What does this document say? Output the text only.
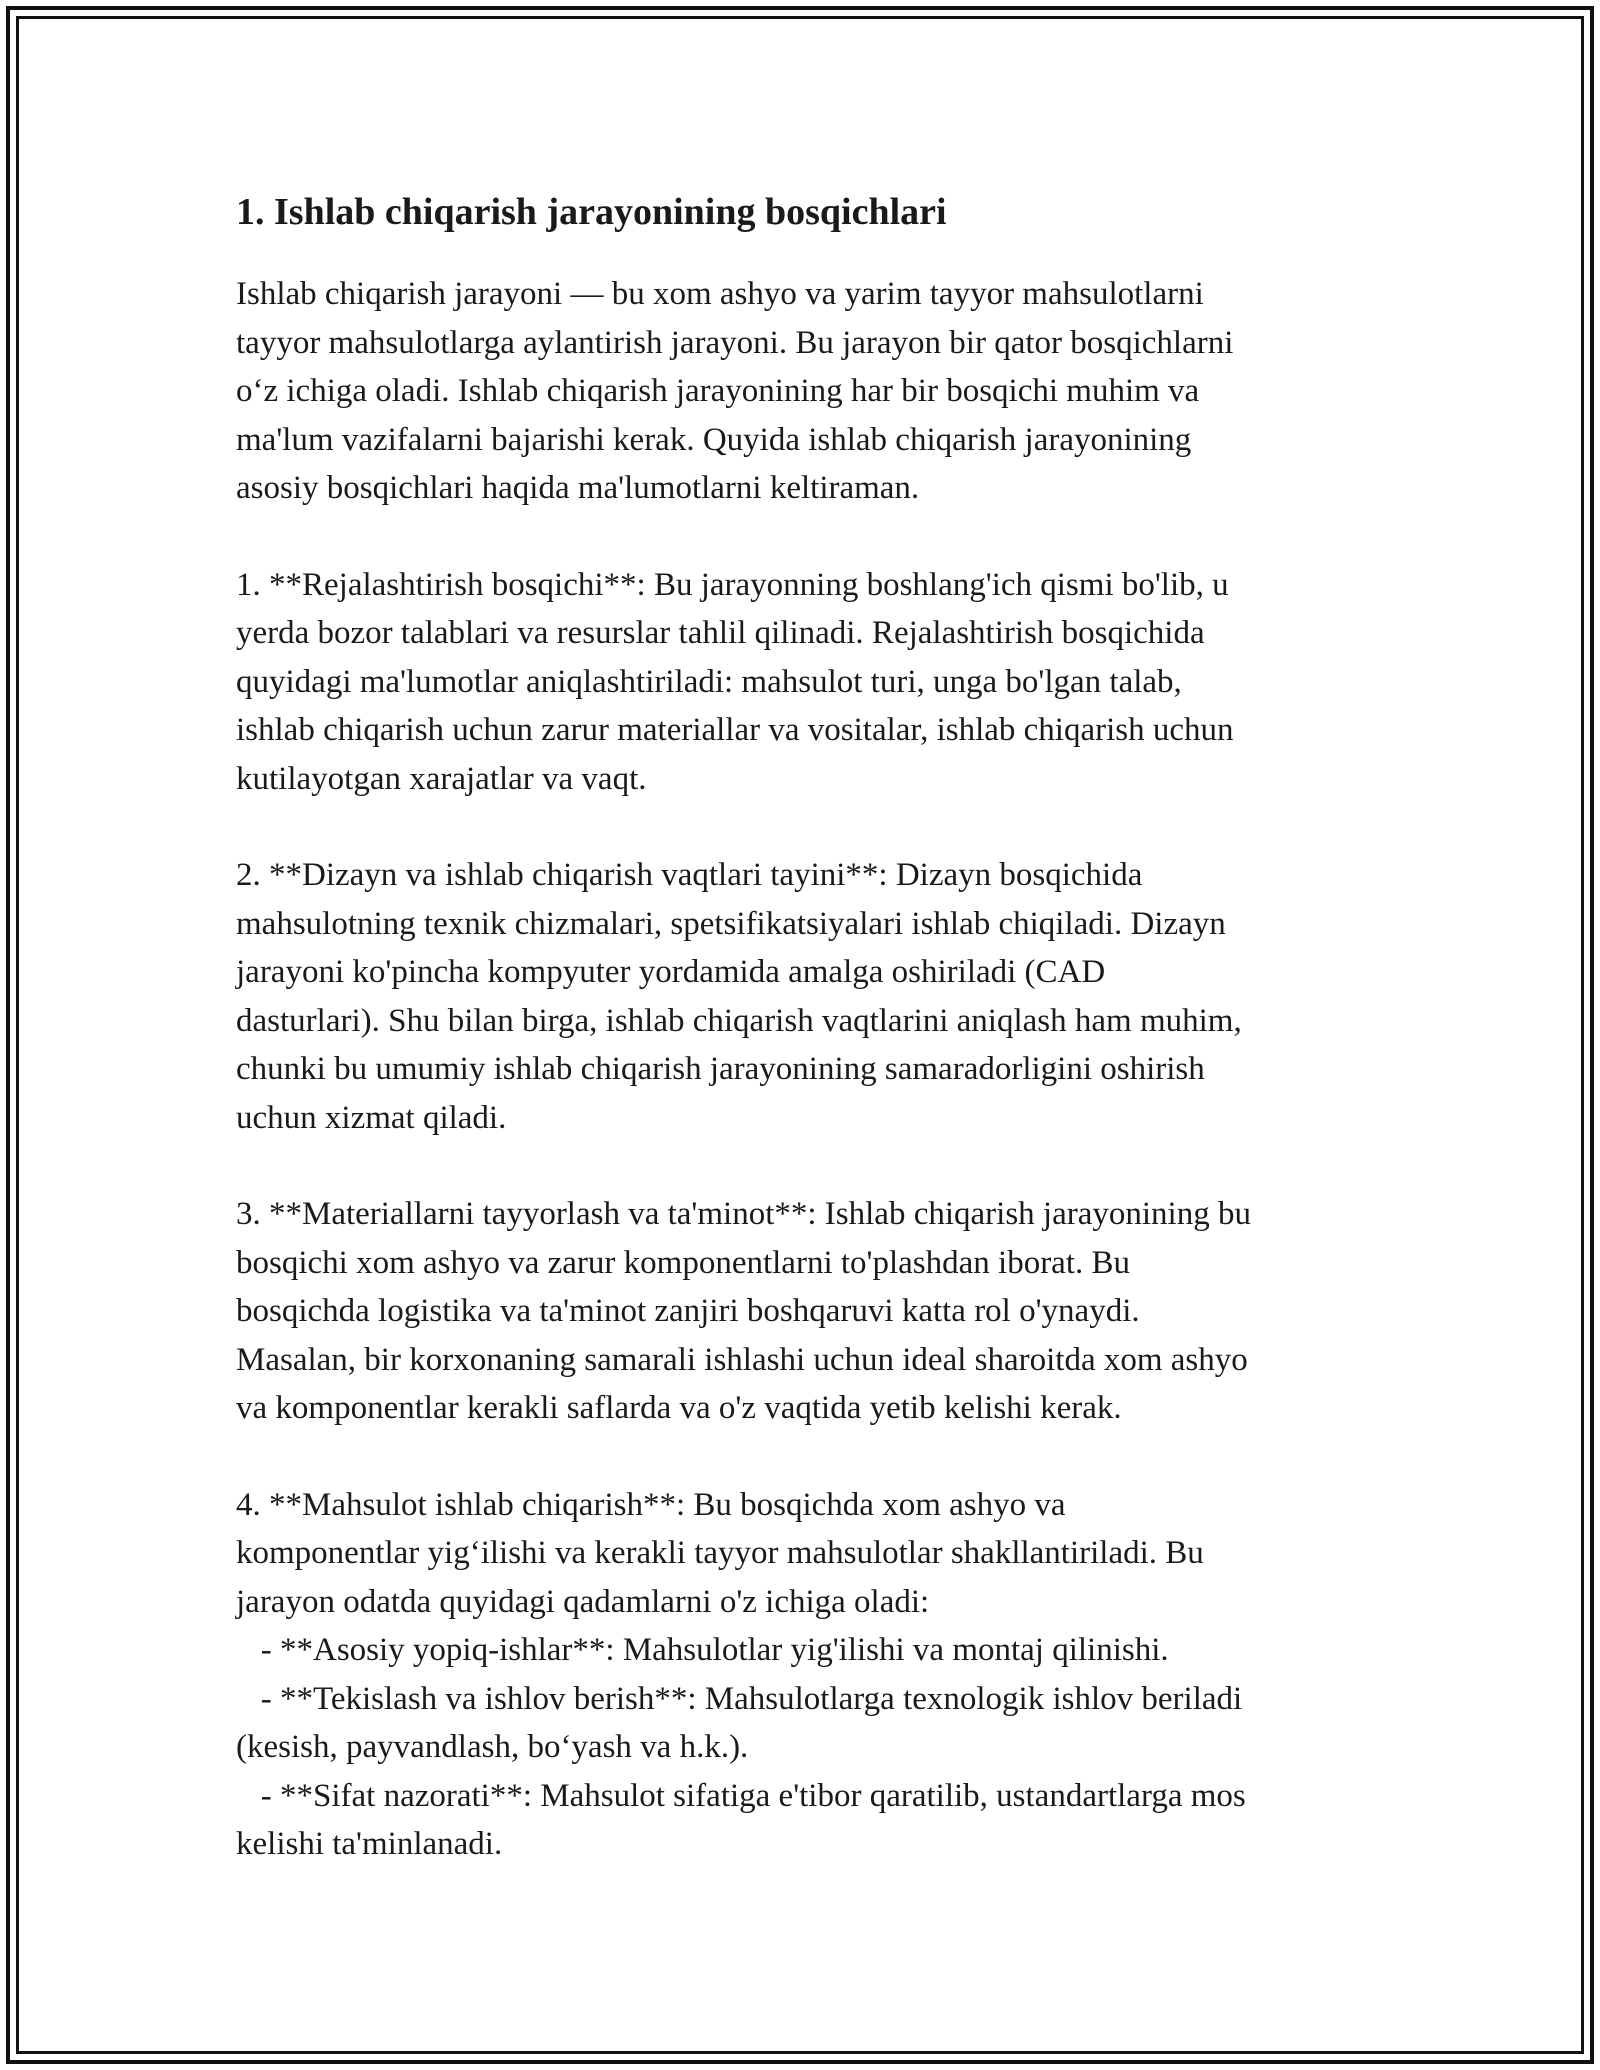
1. Ishlab chiqarish jarayonining bosqichlari

Ishlab chiqarish jarayoni — bu xom ashyo va yarim tayyor mahsulotlarni
tayyor mahsulotlarga aylantirish jarayoni. Bu jarayon bir qator bosqichlarni
o‘z ichiga oladi. Ishlab chiqarish jarayonining har bir bosqichi muhim va
ma'lum vazifalarni bajarishi kerak. Quyida ishlab chiqarish jarayonining
asosiy bosqichlari haqida ma'lumotlarni keltiraman.

1. **Rejalashtirish bosqichi**: Bu jarayonning boshlang'ich qismi bo'lib, u
yerda bozor talablari va resurslar tahlil qilinadi. Rejalashtirish bosqichida
quyidagi ma'lumotlar aniqlashtiriladi: mahsulot turi, unga bo'lgan talab,
ishlab chiqarish uchun zarur materiallar va vositalar, ishlab chiqarish uchun
kutilayotgan xarajatlar va vaqt.

2. **Dizayn va ishlab chiqarish vaqtlari tayini**: Dizayn bosqichida
mahsulotning texnik chizmalari, spetsifikatsiyalari ishlab chiqiladi. Dizayn
jarayoni ko'pincha kompyuter yordamida amalga oshiriladi (CAD
dasturlari). Shu bilan birga, ishlab chiqarish vaqtlarini aniqlash ham muhim,
chunki bu umumiy ishlab chiqarish jarayonining samaradorligini oshirish
uchun xizmat qiladi.

3. **Materiallarni tayyorlash va ta'minot**: Ishlab chiqarish jarayonining bu
bosqichi xom ashyo va zarur komponentlarni to'plashdan iborat. Bu
bosqichda logistika va ta'minot zanjiri boshqaruvi katta rol o'ynaydi.
Masalan, bir korxonaning samarali ishlashi uchun ideal sharoitda xom ashyo
va komponentlar kerakli saflarda va o'z vaqtida yetib kelishi kerak.

4. **Mahsulot ishlab chiqarish**: Bu bosqichda xom ashyo va
komponentlar yig‘ilishi va kerakli tayyor mahsulotlar shakllantiriladi. Bu
jarayon odatda quyidagi qadamlarni o'z ichiga oladi:
- **Asosiy yopiq-ishlar**: Mahsulotlar yig'ilishi va montaj qilinishi.
- **Tekislash va ishlov berish**: Mahsulotlarga texnologik ishlov beriladi
(kesish, payvandlash, bo‘yash va h.k.).
- **Sifat nazorati**: Mahsulot sifatiga e'tibor qaratilib, ustandartlarga mos
kelishi ta'minlanadi.
